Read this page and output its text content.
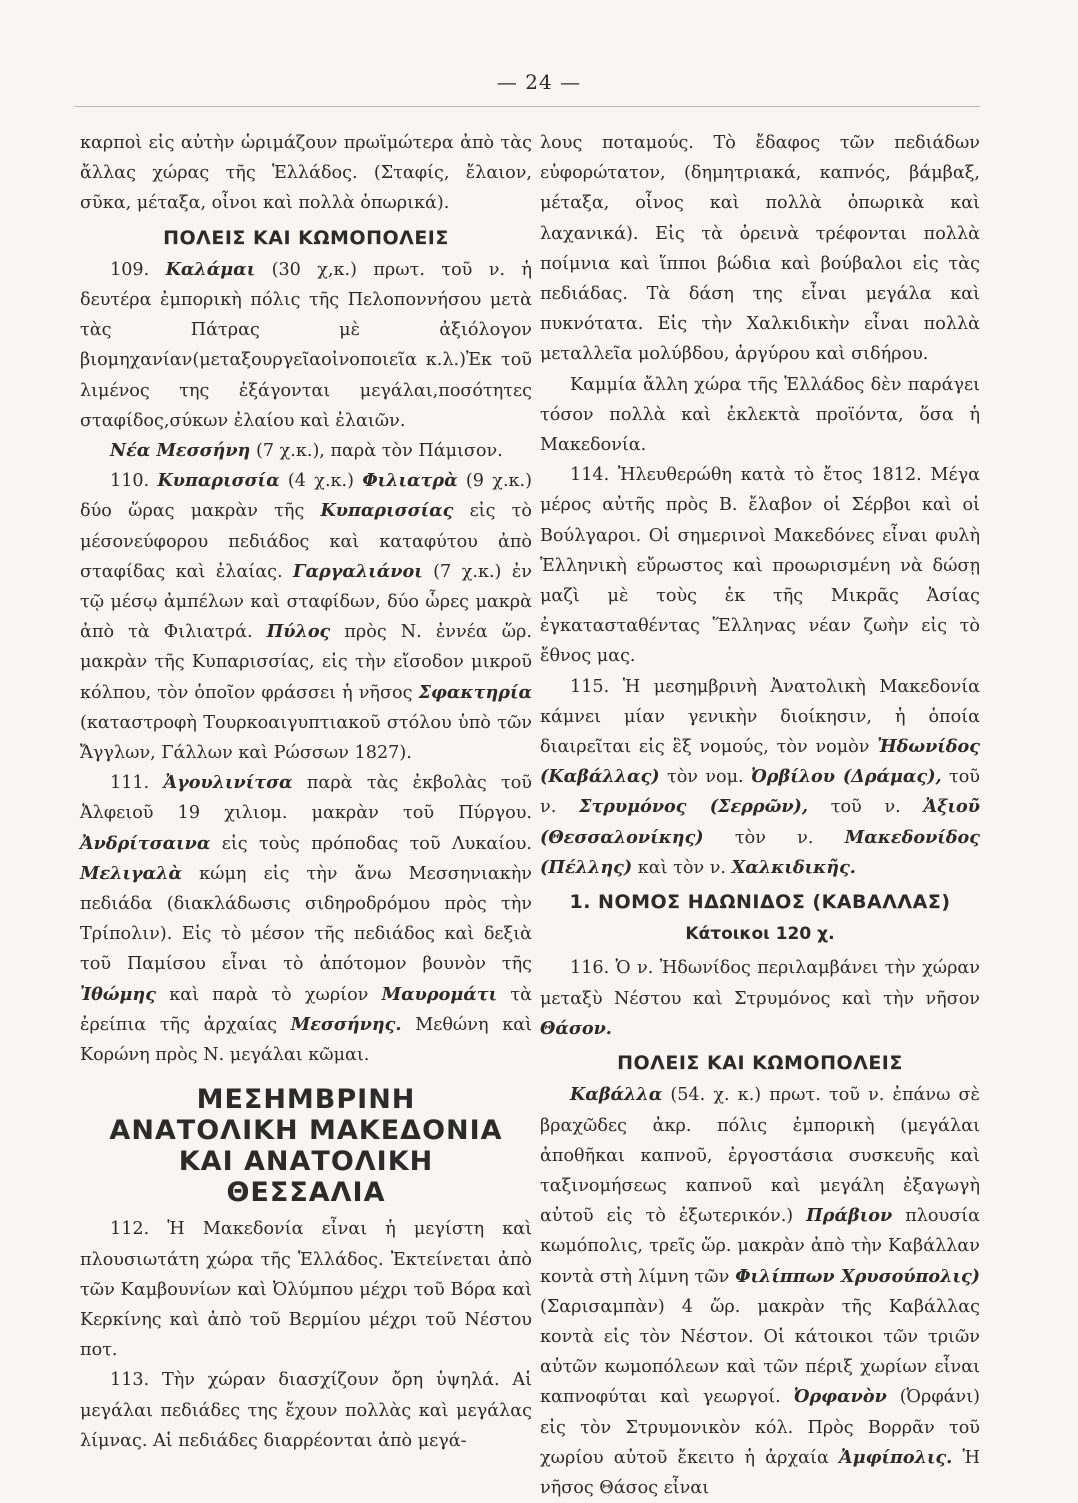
— 24 —

καρποὶ εἰς αὐτὴν ὡριμάζουν πρωϊμώτερα ἀπὸ τὰς ἄλλας χώρας τῆς Ἑλλάδος. (Σταφίς, ἔλαιον, σῦκα, μέταξα, οἶνοι καὶ πολλὰ ὀπωρικά).

ΠΟΛΕΙΣ ΚΑΙ ΚΩΜΟΠΟΛΕΙΣ

109. Καλάμαι (30 χ,κ.) πρωτ. τοῦ ν. ἡ δευτέρα ἐμπορικὴ πόλις τῆς Πελοποννήσου μετὰ τὰς Πάτρας μὲ ἀξιόλογον βιομηχανίαν(μεταξουργεῖαοἰνοποιεῖα κ.λ.)Ἐκ τοῦ λιμένος της ἐξάγονται μεγάλαι,ποσότητες σταφίδος,σύκων ἐλαίου καὶ ἐλαιῶν.

Νέα Μεσσήνη (7 χ.κ.), παρὰ τὸν Πάμισον.

110. Κυπαρισσία (4 χ.κ.) Φιλιατρὰ (9 χ.κ.) δύο ὥρας μακρὰν τῆς Κυπαρισσίας εἰς τὸ μέσονεύφορου πεδιάδος καὶ καταφύτου ἀπὸ σταφίδας καὶ ἐλαίας. Γαργαλιάνοι (7 χ.κ.) ἐν τῷ μέσῳ ἀμπέλων καὶ σταφίδων, δύο ὧρες μακρὰ ἀπὸ τὰ Φιλιατρά. Πύλος πρὸς Ν. ἐννέα ὥρ. μακρὰν τῆς Κυπαρισσίας, εἰς τὴν εἴσοδον μικροῦ κόλπου, τὸν ὁποῖον φράσσει ἡ νῆσος Σφακτηρία (καταστροφὴ Τουρκοαιγυπτιακοῦ στόλου ὑπὸ τῶν Ἄγγλων, Γάλλων καὶ Ρώσσων 1827).

111. Ἀγουλινίτσα παρὰ τὰς ἐκβολὰς τοῦ Ἀλφειοῦ 19 χιλιομ. μακρὰν τοῦ Πύργου. Ἀνδρίτσαινα εἰς τοὺς πρόποδας τοῦ Λυκαίου. Μελιγαλὰ κώμη εἰς τὴν ἄνω Μεσσηνιακὴν πεδιάδα (διακλάδωσις σιδηροδρόμου πρὸς τὴν Τρίπολιν). Εἰς τὸ μέσον τῆς πεδιάδος καὶ δεξιὰ τοῦ Παμίσου εἶναι τὸ ἀπότομον βουνὸν τῆς Ἰθώμης καὶ παρὰ τὸ χωρίον Μαυρομάτι τὰ ἐρείπια τῆς ἀρχαίας Μεσσήνης. Μεθώνη καὶ Κορώνη πρὸς Ν. μεγάλαι κῶμαι.

ΜΕΣΗΜΒΡΙΝΗ
ΑΝΑΤΟΛΙΚΗ ΜΑΚΕΔΟΝΙΑ
ΚΑΙ ΑΝΑΤΟΛΙΚΗ
ΘΕΣΣΑΛΙΑ

112. Ἡ Μακεδονία εἶναι ἡ μεγίστη καὶ πλουσιωτάτη χώρα τῆς Ἑλλάδος. Ἐκτείνεται ἀπὸ τῶν Καμβουνίων καὶ Ὀλύμπου μέχρι τοῦ Βόρα καὶ Κερκίνης καὶ ἀπὸ τοῦ Βερμίου μέχρι τοῦ Νέστου ποτ.

113. Τὴν χώραν διασχίζουν ὄρη ὑψηλά. Αἱ μεγάλαι πεδιάδες της ἔχουν πολλὰς καὶ μεγάλας λίμνας. Αἱ πεδιάδες διαρρέονται ἀπὸ μεγά-

λους ποταμούς. Τὸ ἔδαφος τῶν πεδιάδων εὐφορώτατον, (δημητριακά, καπνός, βάμβαξ, μέταξα, οἶνος καὶ πολλὰ ὀπωρικὰ καὶ λαχανικά). Εἰς τὰ ὀρεινὰ τρέφονται πολλὰ ποίμνια καὶ ἵπποι βώδια καὶ βούβαλοι εἰς τὰς πεδιάδας. Τὰ δάση της εἶναι μεγάλα καὶ πυκνότατα. Εἰς τὴν Χαλκιδικὴν εἶναι πολλὰ μεταλλεῖα μολύβδου, ἀργύρου καὶ σιδήρου.

Καμμία ἄλλη χώρα τῆς Ἑλλάδος δὲν παράγει τόσον πολλὰ καὶ ἐκλεκτὰ προϊόντα, ὅσα ἡ Μακεδονία.

114. Ἠλευθερώθη κατὰ τὸ ἔτος 1812. Μέγα μέρος αὐτῆς πρὸς Β. ἔλαβον οἱ Σέρβοι καὶ οἱ Βούλγαροι. Οἱ σημερινοὶ Μακεδόνες εἶναι φυλὴ Ἑλληνικὴ εὔρωστος καὶ προωρισμένη νὰ δώσῃ μαζὶ μὲ τοὺς ἐκ τῆς Μικρᾶς Ἀσίας ἐγκατασταθέντας Ἕλληνας νέαν ζωὴν εἰς τὸ ἔθνος μας.

115. Ἡ μεσημβρινὴ Ἀνατολικὴ Μακεδονία κάμνει μίαν γενικὴν διοίκησιν, ἡ ὁποία διαιρεῖται εἰς ἓξ νομούς, τὸν νομὸν Ἠδωνίδος (Καβάλλας) τὸν νομ. Ὀρβίλου (Δράμας), τοῦ ν. Στρυμόνος (Σερρῶν), τοῦ ν. Ἀξιοῦ (Θεσσαλονίκης) τὸν ν. Μακεδονίδος (Πέλλης) καὶ τὸν ν. Χαλκιδικῆς.

1. ΝΟΜΟΣ ΗΔΩΝΙΔΟΣ (ΚΑΒΑΛΛΑΣ)

Κάτοικοι 120 χ.

116. Ὁ ν. Ἠδωνίδος περιλαμβάνει τὴν χώραν μεταξὺ Νέστου καὶ Στρυμόνος καὶ τὴν νῆσον Θάσον.

ΠΟΛΕΙΣ ΚΑΙ ΚΩΜΟΠΟΛΕΙΣ

Καβάλλα (54. χ. κ.) πρωτ. τοῦ ν. ἐπάνω σὲ βραχῶδες ἀκρ. πόλις ἐμπορικὴ (μεγάλαι ἀποθῆκαι καπνοῦ, ἐργοστάσια συσκευῆς καὶ ταξινομήσεως καπνοῦ καὶ μεγάλη ἐξαγωγὴ αὐτοῦ εἰς τὸ ἐξωτερικόν.) Πράβιον πλουσία κωμόπολις, τρεῖς ὥρ. μακρὰν ἀπὸ τὴν Καβάλλαν κοντὰ στὴ λίμνη τῶν Φιλίππων Χρυσούπολις) (Σαρισαμπὰν) 4 ὥρ. μακρὰν τῆς Καβάλλας κοντὰ εἰς τὸν Νέστον. Οἱ κάτοικοι τῶν τριῶν αὐτῶν κωμοπόλεων καὶ τῶν πέριξ χωρίων εἶναι καπνοφύται καὶ γεωργοί. Ὀρφανὸν (Ὀρφάνι) εἰς τὸν Στρυμονικὸν κόλ. Πρὸς Βορρᾶν τοῦ χωρίου αὐτοῦ ἔκειτο ἡ ἀρχαία Ἀμφίπολις. Ἡ νῆσος Θάσος εἶναι
